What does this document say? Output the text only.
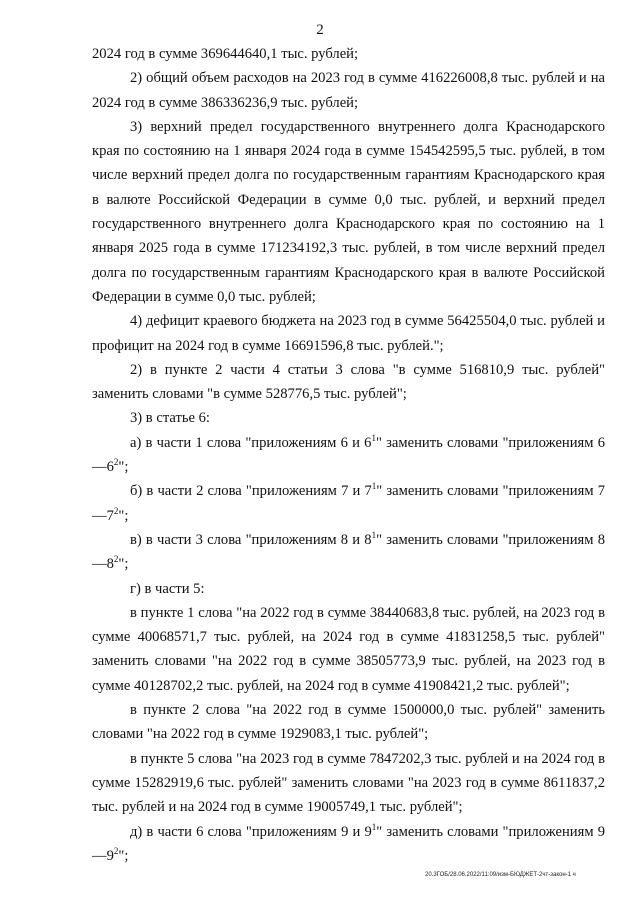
2

2024 год в сумме 369644640,1 тыс. рублей;

2) общий объем расходов на 2023 год в сумме 416226008,8 тыс. рублей и на 2024 год в сумме 386336236,9 тыс. рублей;

3) верхний предел государственного внутреннего долга Краснодарского края по состоянию на 1 января 2024 года в сумме 154542595,5 тыс. рублей, в том числе верхний предел долга по государственным гарантиям Краснодарского края в валюте Российской Федерации в сумме 0,0 тыс. рублей, и верхний предел государственного внутреннего долга Краснодарского края по состоянию на 1 января 2025 года в сумме 171234192,3 тыс. рублей, в том числе верхний предел долга по государственным гарантиям Краснодарского края в валюте Российской Федерации в сумме 0,0 тыс. рублей;

4) дефицит краевого бюджета на 2023 год в сумме 56425504,0 тыс. рублей и профицит на 2024 год в сумме 16691596,8 тыс. рублей.";

2) в пункте 2 части 4 статьи 3 слова "в сумме 516810,9 тыс. рублей" заменить словами "в сумме 528776,5 тыс. рублей";

3) в статье 6:

а) в части 1 слова "приложениям 6 и $6^1$" заменить словами "приложениям $6—6^2$";

б) в части 2 слова "приложениям 7 и $7^1$" заменить словами "приложениям $7—7^2$";

в) в части 3 слова "приложениям 8 и $8^1$" заменить словами "приложениям $8—8^2$";

г) в части 5:

в пункте 1 слова "на 2022 год в сумме 38440683,8 тыс. рублей, на 2023 год в сумме 40068571,7 тыс. рублей, на 2024 год в сумме 41831258,5 тыс. рублей" заменить словами "на 2022 год в сумме 38505773,9 тыс. рублей, на 2023 год в сумме 40128702,2 тыс. рублей, на 2024 год в сумме 41908421,2 тыс. рублей";

в пункте 2 слова "на 2022 год в сумме 1500000,0 тыс. рублей" заменить словами "на 2022 год в сумме 1929083,1 тыс. рублей";

в пункте 5 слова "на 2023 год в сумме 7847202,3 тыс. рублей и на 2024 год в сумме 15282919,6 тыс. рублей" заменить словами "на 2023 год в сумме 8611837,2 тыс. рублей и на 2024 год в сумме 19005749,1 тыс. рублей";

д) в части 6 слова "приложениям 9 и $9^1$" заменить словами "приложениям $9—9^2$";

20.3ГОБ/28.06.2022/11:09/изм-БЮДЖЕТ-2чт-закон-1 ч
